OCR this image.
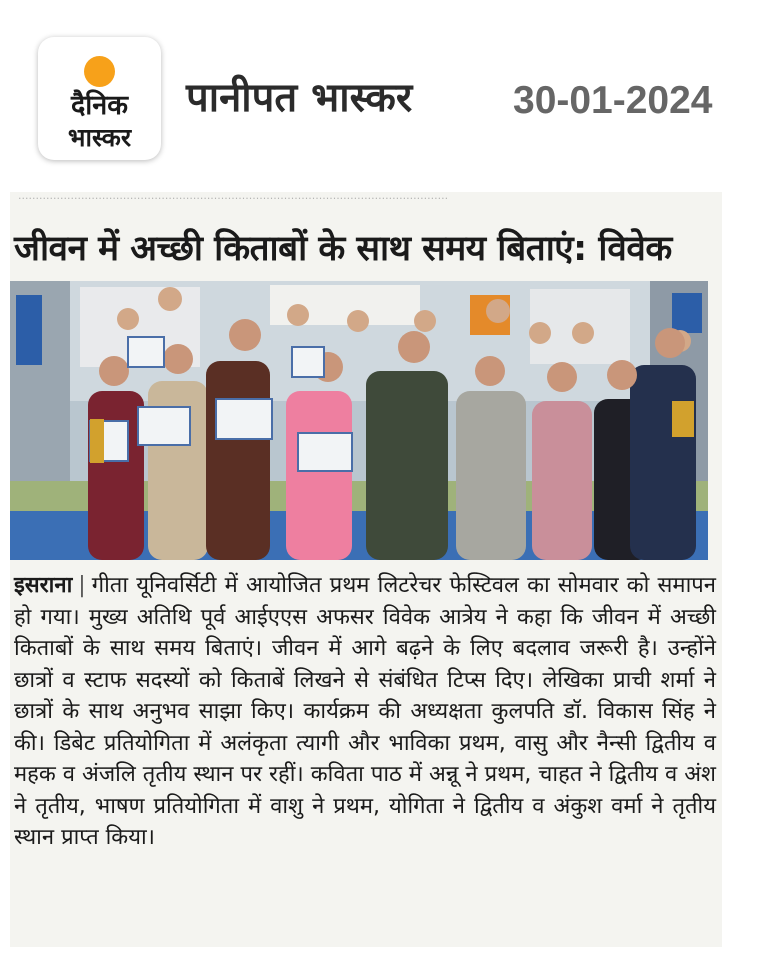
दैनिक
भास्कर
पानीपत भास्कर	30-01-2024
···························································································································
जीवन में अच्छी किताबों के साथ समय बिताएं: विवेक
इसराना | गीता यूनिवर्सिटी में आयोजित प्रथम लिटरेचर फेस्टिवल का सोमवार को समापन हो गया। मुख्य अतिथि पूर्व आईएएस अफसर विवेक आत्रेय ने कहा कि जीवन में अच्छी किताबों के साथ समय बिताएं। जीवन में आगे बढ़ने के लिए बदलाव जरूरी है। उन्होंने छात्रों व स्टाफ सदस्यों को किताबें लिखने से संबंधित टिप्स दिए। लेखिका प्राची शर्मा ने छात्रों के साथ अनुभव साझा किए। कार्यक्रम की अध्यक्षता कुलपति डॉ. विकास सिंह ने की। डिबेट प्रतियोगिता में अलंकृता त्यागी और भाविका प्रथम, वासु और नैन्सी द्वितीय व महक व अंजलि तृतीय स्थान पर रहीं। कविता पाठ में अन्नू ने प्रथम, चाहत ने द्वितीय व अंश ने तृतीय, भाषण प्रतियोगिता में वाशु ने प्रथम, योगिता ने द्वितीय व अंकुश वर्मा ने तृतीय स्थान प्राप्त किया।
